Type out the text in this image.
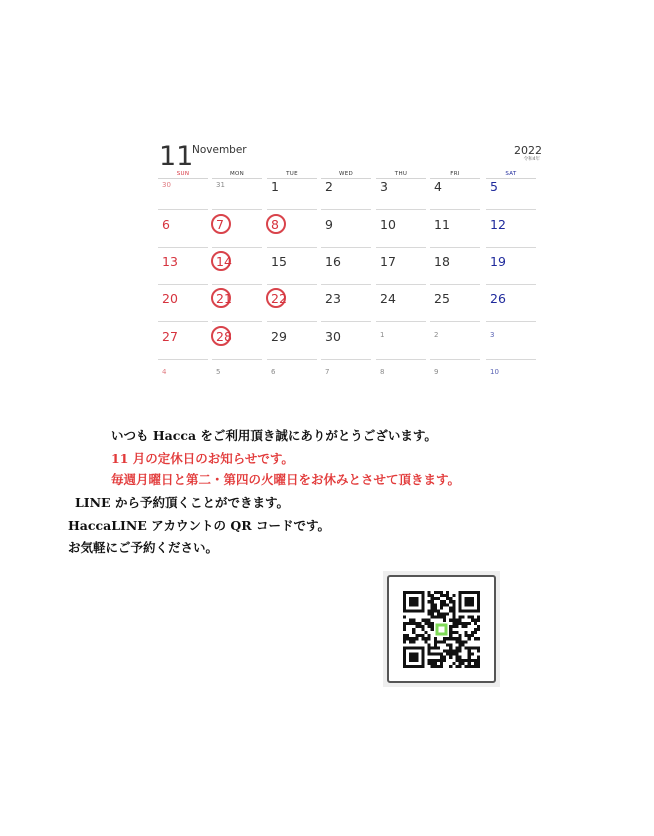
11
November	2022
令和4年
SUN	MON	TUE	WED	THU	FRI	SAT
30	31	1	2	3	4	5
6	7	8	9	10	11	12
13	14	15	16	17	18	19
20	21	22	23	24	25	26
27	28	29	30	1	2	3
4	5	6	7	8	9	10
いつも Hacca をご利用頂き誠にありがとうございます。
11 月の定休日のお知らせです。
毎週月曜日と第二・第四の火曜日をお休みとさせて頂きます。
LINE から予約頂くことができます。
HaccaLINE アカウントの QR コードです。
お気軽にご予約ください。
